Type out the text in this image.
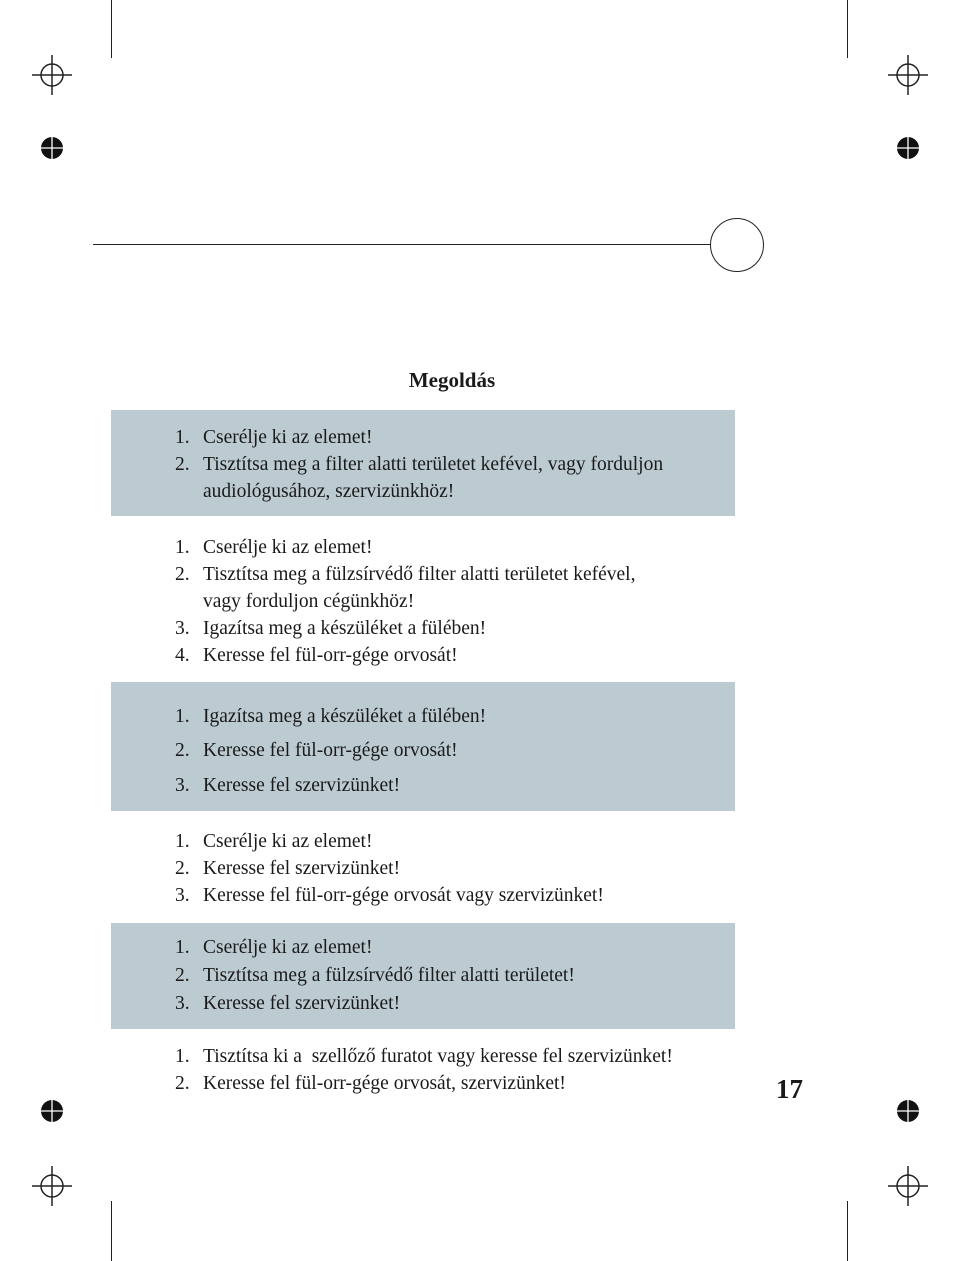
Megoldás
1. Cserélje ki az elemet!
2. Tisztítsa meg a filter alatti területet kefével, vagy forduljon
audiológusához, szervizünkhöz!
1. Cserélje ki az elemet!
2. Tisztítsa meg a fülzsírvédő filter alatti területet kefével,
vagy forduljon cégünkhöz!
3. Igazítsa meg a készüléket a fülében!
4. Keresse fel fül-orr-gége orvosát!
1. Igazítsa meg a készüléket a fülében!
2. Keresse fel fül-orr-gége orvosát!
3. Keresse fel szervizünket!
1. Cserélje ki az elemet!
2. Keresse fel szervizünket!
3. Keresse fel fül-orr-gége orvosát vagy szervizünket!
1. Cserélje ki az elemet!
2. Tisztítsa meg a fülzsírvédő filter alatti területet!
3. Keresse fel szervizünket!
1. Tisztítsa ki a  szellőző furatot vagy keresse fel szervizünket!
2. Keresse fel fül-orr-gége orvosát, szervizünket!	17
